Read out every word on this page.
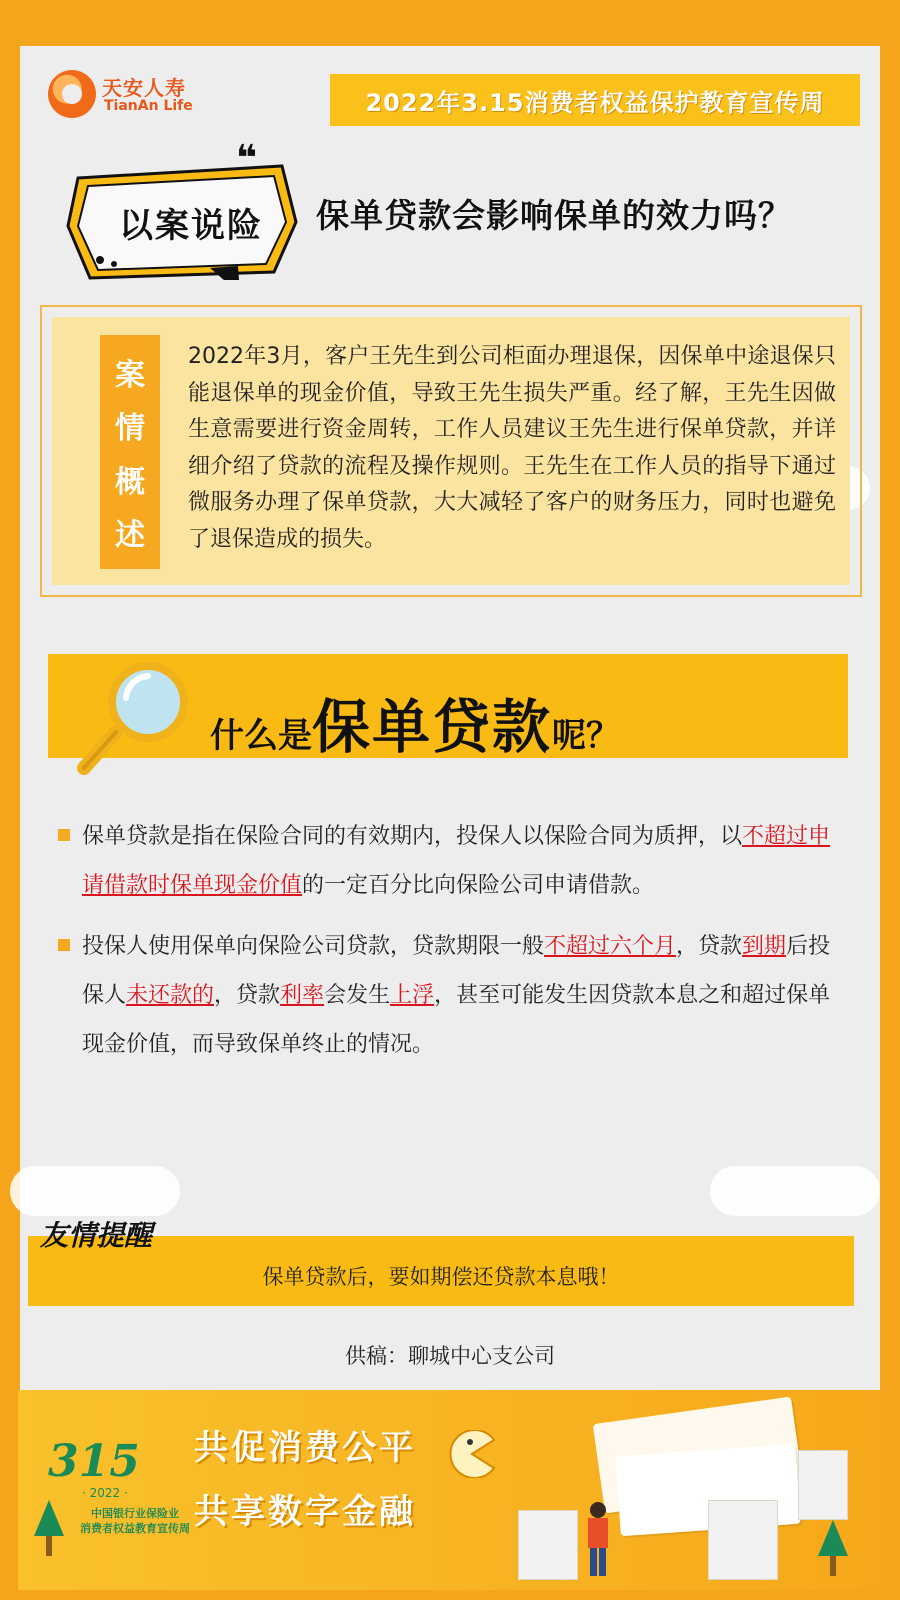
天安人寿
TianAn Life	2022年3.15消费者权益保护教育宣传周
以案说险
❝
保单贷款会影响保单的效力吗？
案
情
概
述
2022年3月，客户王先生到公司柜面办理退保，因保单中途退保只能退保单的现金价值，导致王先生损失严重。经了解，王先生因做生意需要进行资金周转，工作人员建议王先生进行保单贷款，并详细介绍了贷款的流程及操作规则。王先生在工作人员的指导下通过微服务办理了保单贷款，大大减轻了客户的财务压力，同时也避免了退保造成的损失。
什么是保单贷款呢？
保单贷款是指在保险合同的有效期内，投保人以保险合同为质押，以不超过申请借款时保单现金价值的一定百分比向保险公司申请借款。
投保人使用保单向保险公司贷款，贷款期限一般不超过六个月，贷款到期后投保人未还款的，贷款利率会发生上浮，甚至可能发生因贷款本息之和超过保单现金价值，而导致保单终止的情况。
保单贷款后，要如期偿还贷款本息哦！
友情提醒
供稿：聊城中心支公司
315
· 2022 ·
中国银行业保险业
消费者权益教育宣传周
共促消费公平
共享数字金融
